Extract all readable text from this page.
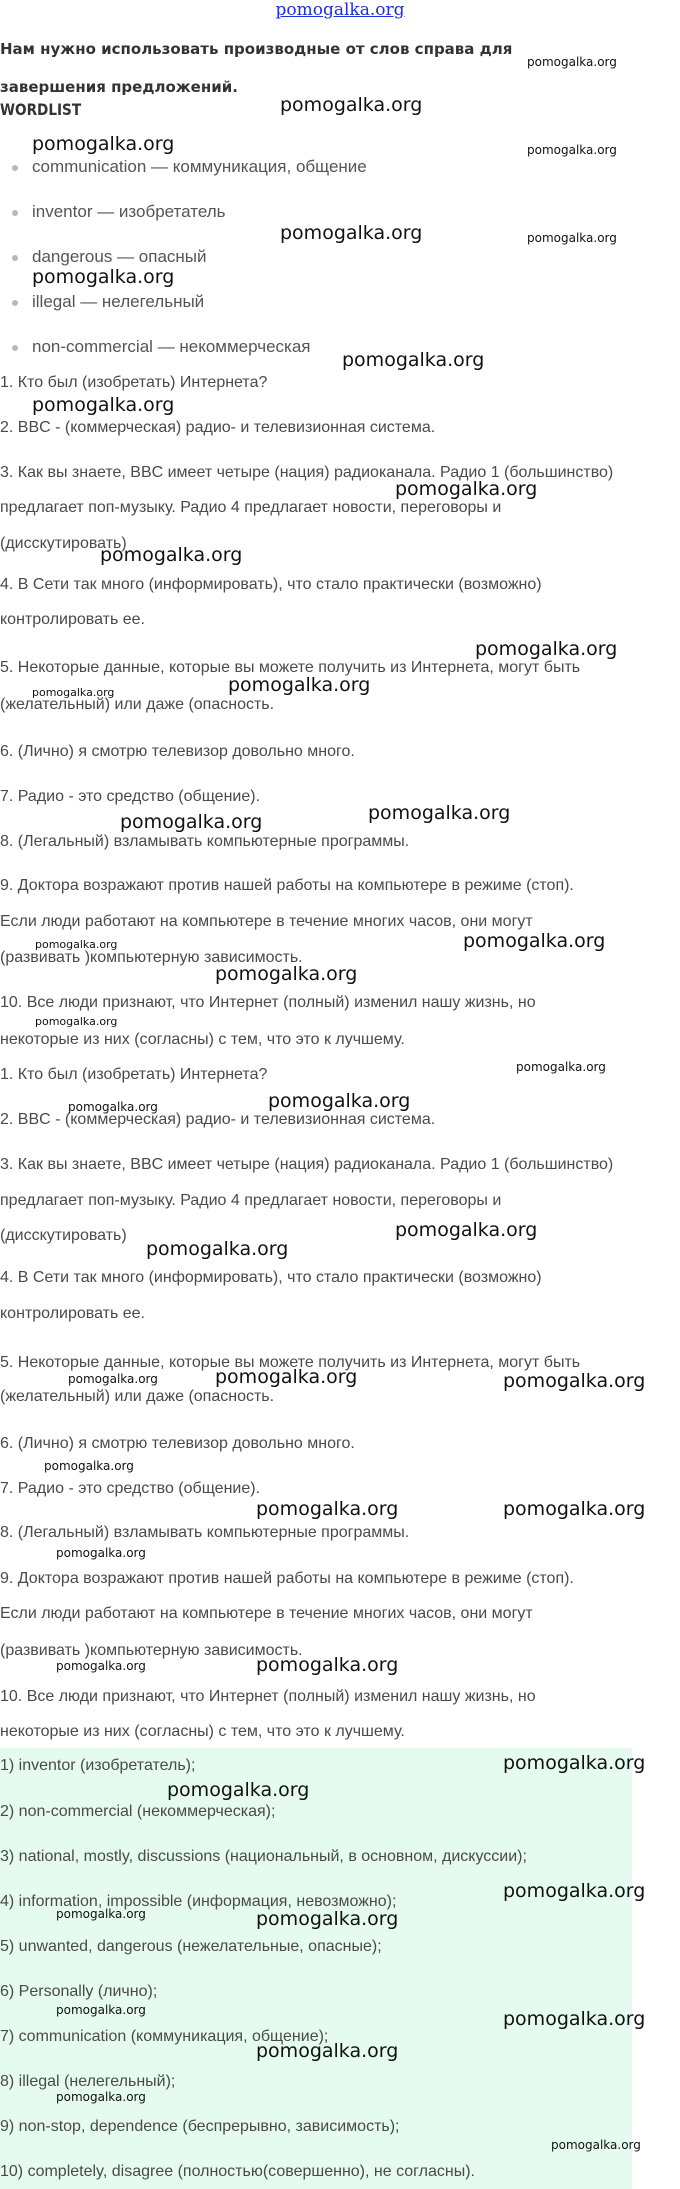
pomogalka.org
Нам нужно использовать производные от слов справа для завершения предложений.
WORDLIST
communication — коммуникация, общение
inventor — изобретатель
dangerous — опасный
illegal — нелегельный
non-commercial — некоммерческая
1. Кто был (изобретать) Интернета?
2. BBC - (коммерческая) радио- и телевизионная система.
3. Как вы знаете, BBC имеет четыре (нация) радиоканала. Радио 1 (большинство)
предлагает поп-музыку. Радио 4 предлагает новости, переговоры и
(дисскутировать)
4. В Сети так много (информировать), что стало практически (возможно)
контролировать ее.
5. Некоторые данные, которые вы можете получить из Интернета, могут быть
(желательный) или даже (опасность.
6. (Лично) я смотрю телевизор довольно много.
7. Радио - это средство (общение).
8. (Легальный) взламывать компьютерные программы.
9. Доктора возражают против нашей работы на компьютере в режиме (стоп).
Если люди работают на компьютере в течение многих часов, они могут
(развивать )компьютерную зависимость.
10. Все люди признают, что Интернет (полный) изменил нашу жизнь, но
некоторые из них (согласны) с тем, что это к лучшему.
1. Кто был (изобретать) Интернета?
2. BBC - (коммерческая) радио- и телевизионная система.
3. Как вы знаете, BBC имеет четыре (нация) радиоканала. Радио 1 (большинство)
предлагает поп-музыку. Радио 4 предлагает новости, переговоры и
(дисскутировать)
4. В Сети так много (информировать), что стало практически (возможно)
контролировать ее.
5. Некоторые данные, которые вы можете получить из Интернета, могут быть
(желательный) или даже (опасность.
6. (Лично) я смотрю телевизор довольно много.
7. Радио - это средство (общение).
8. (Легальный) взламывать компьютерные программы.
9. Доктора возражают против нашей работы на компьютере в режиме (стоп).
Если люди работают на компьютере в течение многих часов, они могут
(развивать )компьютерную зависимость.
10. Все люди признают, что Интернет (полный) изменил нашу жизнь, но
некоторые из них (согласны) с тем, что это к лучшему.
1) inventor (изобретатель);
2) non-commercial (некоммерческая);
3) national, mostly, discussions (национальный, в основном, дискуссии);
4) information, impossible (информация, невозможно);
5) unwanted, dangerous (нежелательные, опасные);
6) Personally (лично);
7) communication (коммуникация, общение);
8) illegal (нелегельный);
9) non-stop, dependence (беспрерывно, зависимость);
10) completely, disagree (полностью(совершенно), не согласны).
pomogalka.org
pomogalka.org
pomogalka.org	pomogalka.org
pomogalka.org	pomogalka.org
pomogalka.org
pomogalka.org
pomogalka.org
pomogalka.org
pomogalka.org
pomogalka.org
pomogalka.org	pomogalka.org
pomogalka.org
pomogalka.org
pomogalka.org
pomogalka.org
pomogalka.org
pomogalka.org
pomogalka.org
pomogalka.org
pomogalka.org
pomogalka.org
pomogalka.org
pomogalka.org	pomogalka.org
pomogalka.org
pomogalka.org
pomogalka.org	pomogalka.org
pomogalka.org
pomogalka.org	pomogalka.org
pomogalka.org
pomogalka.org
pomogalka.org
pomogalka.org	pomogalka.org
pomogalka.org	pomogalka.org
pomogalka.org
pomogalka.org
pomogalka.org
